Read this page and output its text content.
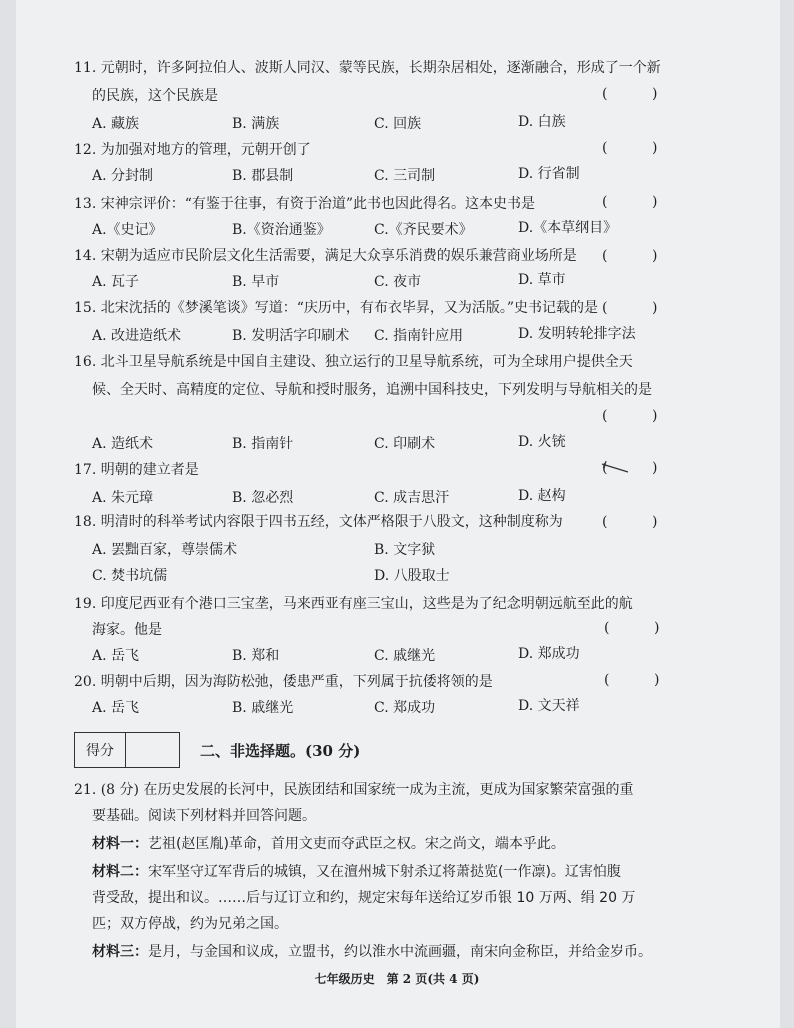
11. 元朝时，许多阿拉伯人、波斯人同汉、蒙等民族，长期杂居相处，逐渐融合，形成了一个新
的民族，这个民族是	(	)
A. 藏族	B. 满族	C. 回族	D. 白族
12. 为加强对地方的管理，元朝开创了	(	)
A. 分封制	B. 郡县制	C. 三司制	D. 行省制
13. 宋神宗评价：“有鉴于往事，有资于治道”此书也因此得名。这本史书是	(	)
A.《史记》	B.《资治通鉴》	C.《齐民要术》	D.《本草纲目》
14. 宋朝为适应市民阶层文化生活需要，满足大众享乐消费的娱乐兼营商业场所是 (	)
A. 瓦子	B. 早市	C. 夜市	D. 草市
15. 北宋沈括的《梦溪笔谈》写道：“庆历中，有布衣毕昇，又为活版。”史书记载的是 (	)
A. 改进造纸术	B. 发明活字印刷术 C. 指南针应用	D. 发明转轮排字法
16. 北斗卫星导航系统是中国自主建设、独立运行的卫星导航系统，可为全球用户提供全天
候、全天时、高精度的定位、导航和授时服务，追溯中国科技史，下列发明与导航相关的是
(	)
A. 造纸术	B. 指南针	C. 印刷术	D. 火铳
17. 明朝的建立者是	(	)
A. 朱元璋	B. 忽必烈	C. 成吉思汗	D. 赵构
18. 明清时的科举考试内容限于四书五经，文体严格限于八股文，这种制度称为	(	)
A. 罢黜百家，尊崇儒术	B. 文字狱
C. 焚书坑儒	D. 八股取士
19. 印度尼西亚有个港口三宝垄，马来西亚有座三宝山，这些是为了纪念明朝远航至此的航
海家。他是	(	)
A. 岳飞	B. 郑和	C. 戚继光	D. 郑成功
20. 明朝中后期，因为海防松弛，倭患严重，下列属于抗倭将领的是	(	)
A. 岳飞	B. 戚继光	C. 郑成功	D. 文天祥
得分	二、非选择题。(30 分)
21. (8 分) 在历史发展的长河中，民族团结和国家统一成为主流，更成为国家繁荣富强的重
要基础。阅读下列材料并回答问题。
材料一：艺祖(赵匡胤)革命，首用文吏而夺武臣之权。宋之尚文，端本乎此。
材料二：宋军坚守辽军背后的城镇，又在澶州城下射杀辽将萧挞览(一作凛)。辽害怕腹
背受敌，提出和议。……后与辽订立和约，规定宋每年送给辽岁币银 10 万两、绢 20 万
匹；双方停战，约为兄弟之国。
材料三：是月，与金国和议成，立盟书，约以淮水中流画疆，南宋向金称臣，并给金岁币。
七年级历史　第 2 页(共 4 页)
